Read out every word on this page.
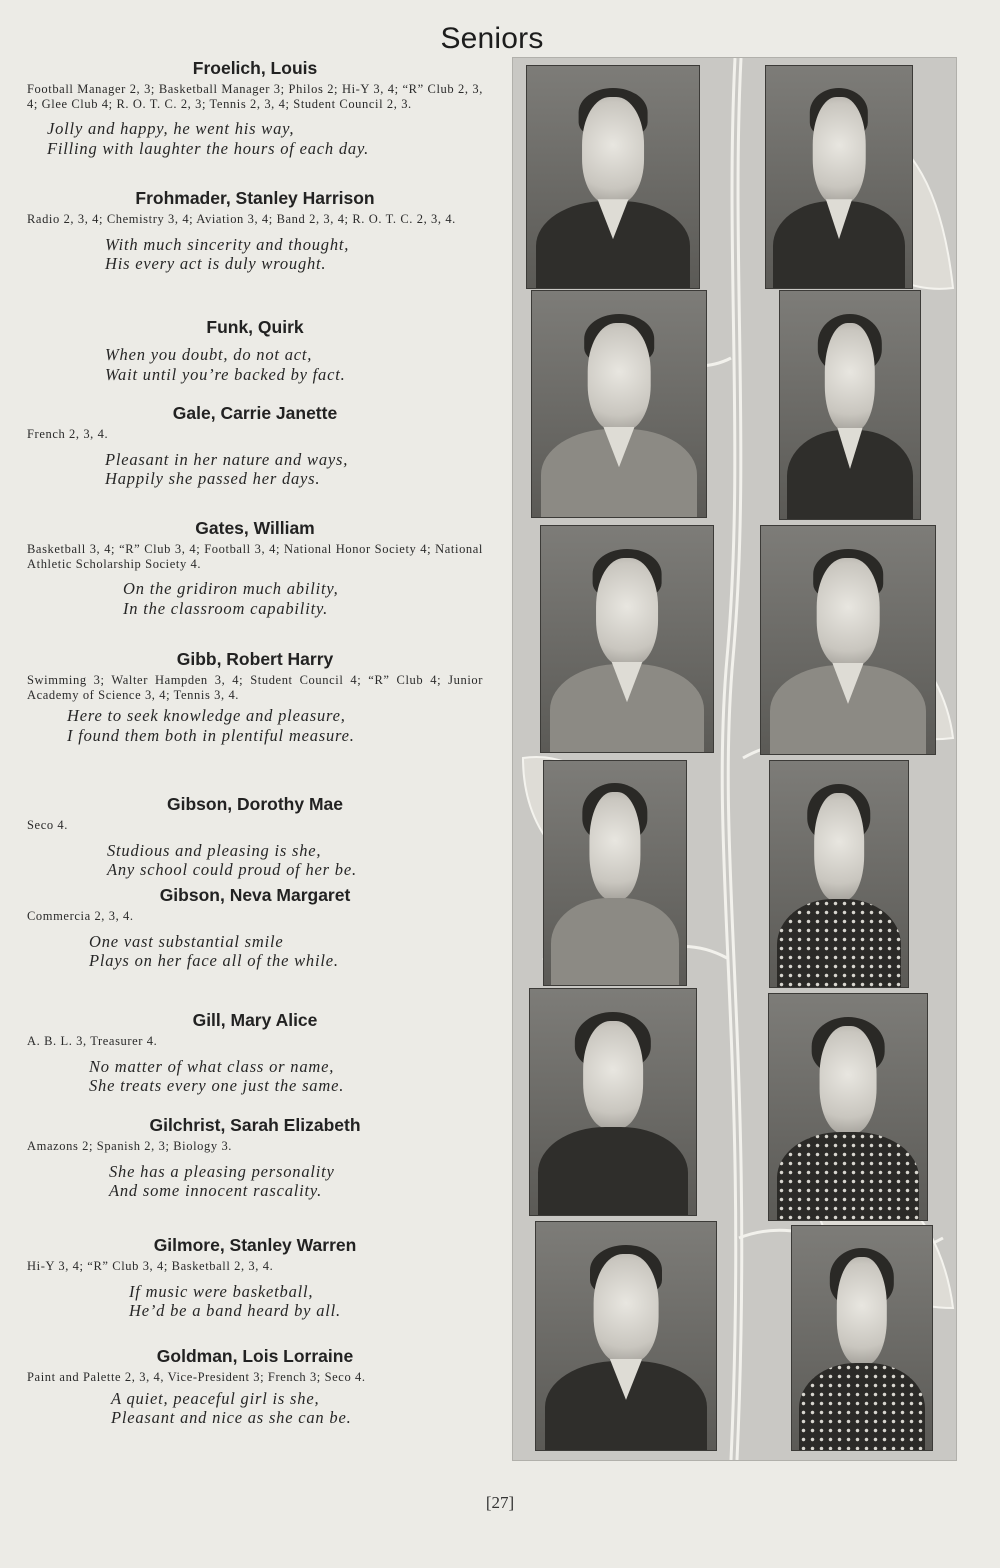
Seniors

Froelich, Louis

Football Manager 2, 3; Basketball Manager 3; Philos 2; Hi-Y 3, 4; “R” Club 2, 3, 4; Glee Club 4; R. O. T. C. 2, 3; Tennis 2, 3, 4; Student Council 2, 3.

Jolly and happy, he went his way,
Filling with laughter the hours of each day.

Frohmader, Stanley Harrison

Radio 2, 3, 4; Chemistry 3, 4; Aviation 3, 4; Band 2, 3, 4; R. O. T. C. 2, 3, 4.

With much sincerity and thought,
His every act is duly wrought.

Funk, Quirk

When you doubt, do not act,
Wait until you’re backed by fact.

Gale, Carrie Janette

French 2, 3, 4.

Pleasant in her nature and ways,
Happily she passed her days.

Gates, William

Basketball 3, 4; “R” Club 3, 4; Football 3, 4; National Honor Society 4; National Athletic Scholarship Society 4.

On the gridiron much ability,
In the classroom capability.

Gibb, Robert Harry

Swimming 3; Walter Hampden 3, 4; Student Council 4; “R” Club 4; Junior Academy of Science 3, 4; Tennis 3, 4.

Here to seek knowledge and pleasure,
I found them both in plentiful measure.

Gibson, Dorothy Mae

Seco 4.

Studious and pleasing is she,
Any school could proud of her be.

Gibson, Neva Margaret

Commercia 2, 3, 4.

One vast substantial smile
Plays on her face all of the while.

Gill, Mary Alice

A. B. L. 3, Treasurer 4.

No matter of what class or name,
She treats every one just the same.

Gilchrist, Sarah Elizabeth

Amazons 2; Spanish 2, 3; Biology 3.

She has a pleasing personality
And some innocent rascality.

Gilmore, Stanley Warren

Hi-Y 3, 4; “R” Club 3, 4; Basketball 2, 3, 4.

If music were basketball,
He’d be a band heard by all.

Goldman, Lois Lorraine

Paint and Palette 2, 3, 4, Vice-President 3; French 3; Seco 4.

A quiet, peaceful girl is she,
Pleasant and nice as she can be.

[27]
